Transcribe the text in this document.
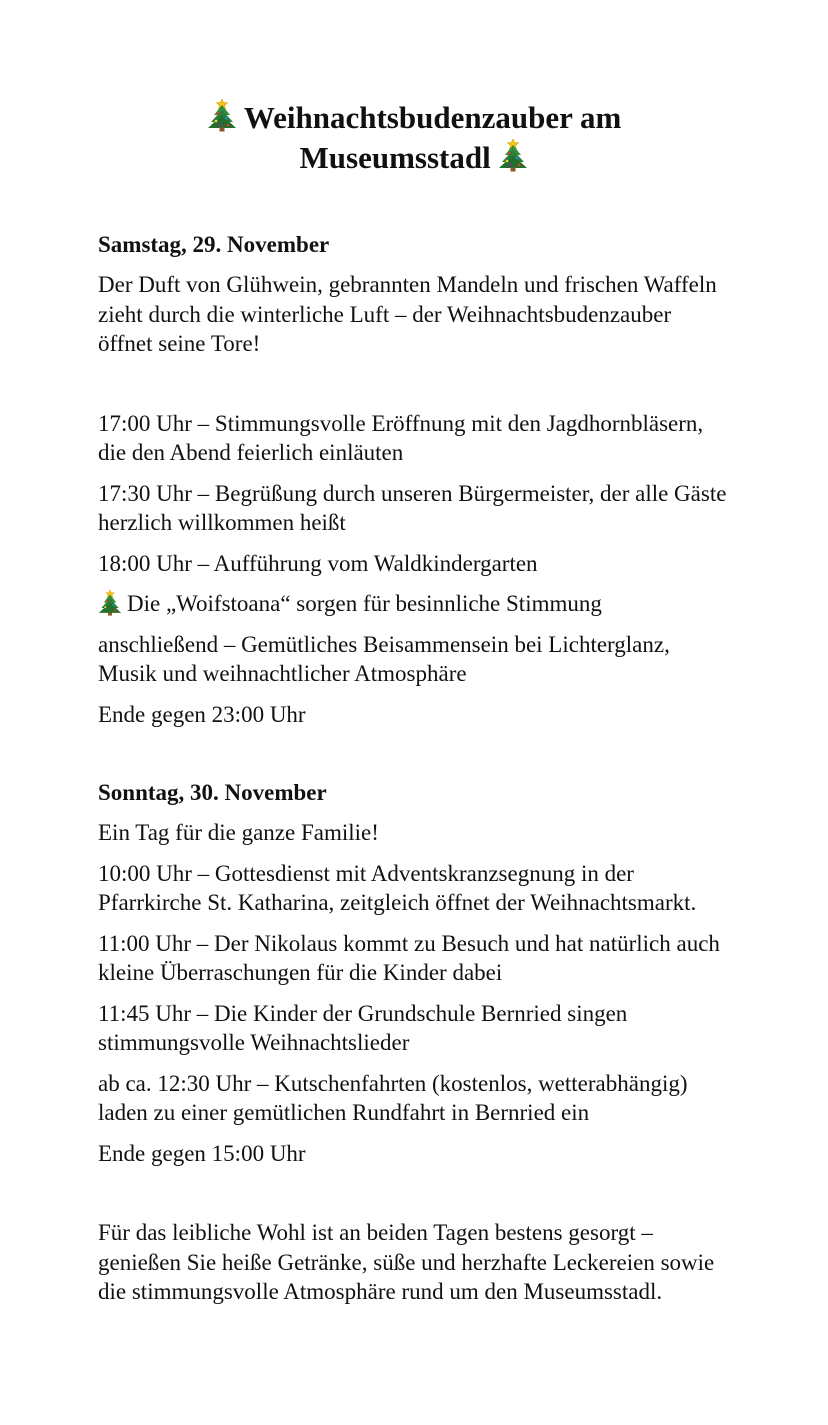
Weihnachtsbudenzauber am
Museumsstadl
Samstag, 29. November

Der Duft von Glühwein, gebrannten Mandeln und frischen Waffeln zieht durch die winterliche Luft – der Weihnachtsbudenzauber öffnet seine Tore!

17:00 Uhr – Stimmungsvolle Eröffnung mit den Jagdhornbläsern, die den Abend feierlich einläuten

17:30 Uhr – Begrüßung durch unseren Bürgermeister, der alle Gäste herzlich willkommen heißt

18:00 Uhr – Aufführung vom Waldkindergarten

Die „Woifstoana“ sorgen für besinnliche Stimmung

anschließend – Gemütliches Beisammensein bei Lichterglanz, Musik und weihnachtlicher Atmosphäre

Ende gegen 23:00 Uhr

Sonntag, 30. November

Ein Tag für die ganze Familie!

10:00 Uhr – Gottesdienst mit Adventskranzsegnung in der Pfarrkirche St. Katharina, zeitgleich öffnet der Weihnachtsmarkt.

11:00 Uhr – Der Nikolaus kommt zu Besuch und hat natürlich auch kleine Überraschungen für die Kinder dabei

11:45 Uhr – Die Kinder der Grundschule Bernried singen stimmungsvolle Weihnachtslieder

ab ca. 12:30 Uhr – Kutschenfahrten (kostenlos, wetterabhängig) laden zu einer gemütlichen Rundfahrt in Bernried ein

Ende gegen 15:00 Uhr

Für das leibliche Wohl ist an beiden Tagen bestens gesorgt – genießen Sie heiße Getränke, süße und herzhafte Leckereien sowie die stimmungsvolle Atmosphäre rund um den Museumsstadl.
